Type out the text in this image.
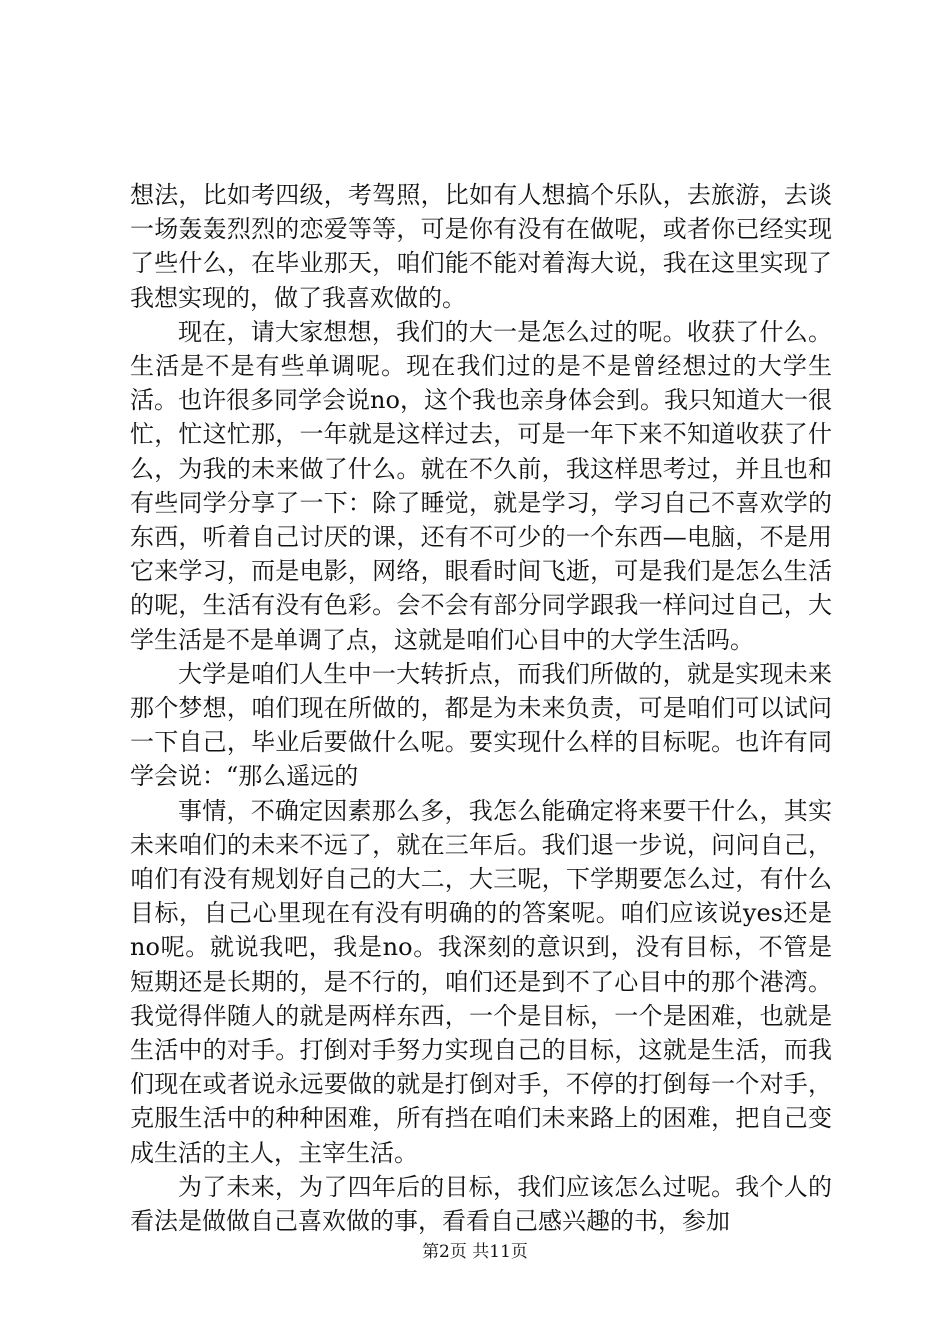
想法，比如考四级，考驾照，比如有人想搞个乐队，去旅游，去谈一场轰轰烈烈的恋爱等等，可是你有没有在做呢，或者你已经实现了些什么，在毕业那天，咱们能不能对着海大说，我在这里实现了我想实现的，做了我喜欢做的。

现在，请大家想想，我们的大一是怎么过的呢。收获了什么。生活是不是有些单调呢。现在我们过的是不是曾经想过的大学生活。也许很多同学会说no，这个我也亲身体会到。我只知道大一很忙，忙这忙那，一年就是这样过去，可是一年下来不知道收获了什么，为我的未来做了什么。就在不久前，我这样思考过，并且也和有些同学分享了一下：除了睡觉，就是学习，学习自己不喜欢学的东西，听着自己讨厌的课，还有不可少的一个东西—电脑，不是用它来学习，而是电影，网络，眼看时间飞逝，可是我们是怎么生活的呢，生活有没有色彩。会不会有部分同学跟我一样问过自己，大学生活是不是单调了点，这就是咱们心目中的大学生活吗。

大学是咱们人生中一大转折点，而我们所做的，就是实现未来那个梦想，咱们现在所做的，都是为未来负责，可是咱们可以试问一下自己，毕业后要做什么呢。要实现什么样的目标呢。也许有同学会说：“那么遥远的

事情，不确定因素那么多，我怎么能确定将来要干什么，其实未来咱们的未来不远了，就在三年后。我们退一步说，问问自己，咱们有没有规划好自己的大二，大三呢，下学期要怎么过，有什么目标，自己心里现在有没有明确的的答案呢。咱们应该说yes还是no呢。就说我吧，我是no。我深刻的意识到，没有目标，不管是短期还是长期的，是不行的，咱们还是到不了心目中的那个港湾。我觉得伴随人的就是两样东西，一个是目标，一个是困难，也就是生活中的对手。打倒对手努力实现自己的目标，这就是生活，而我们现在或者说永远要做的就是打倒对手，不停的打倒每一个对手，克服生活中的种种困难，所有挡在咱们未来路上的困难，把自己变成生活的主人，主宰生活。

为了未来，为了四年后的目标，我们应该怎么过呢。我个人的看法是做做自己喜欢做的事，看看自己感兴趣的书，参加

第2页 共11页
